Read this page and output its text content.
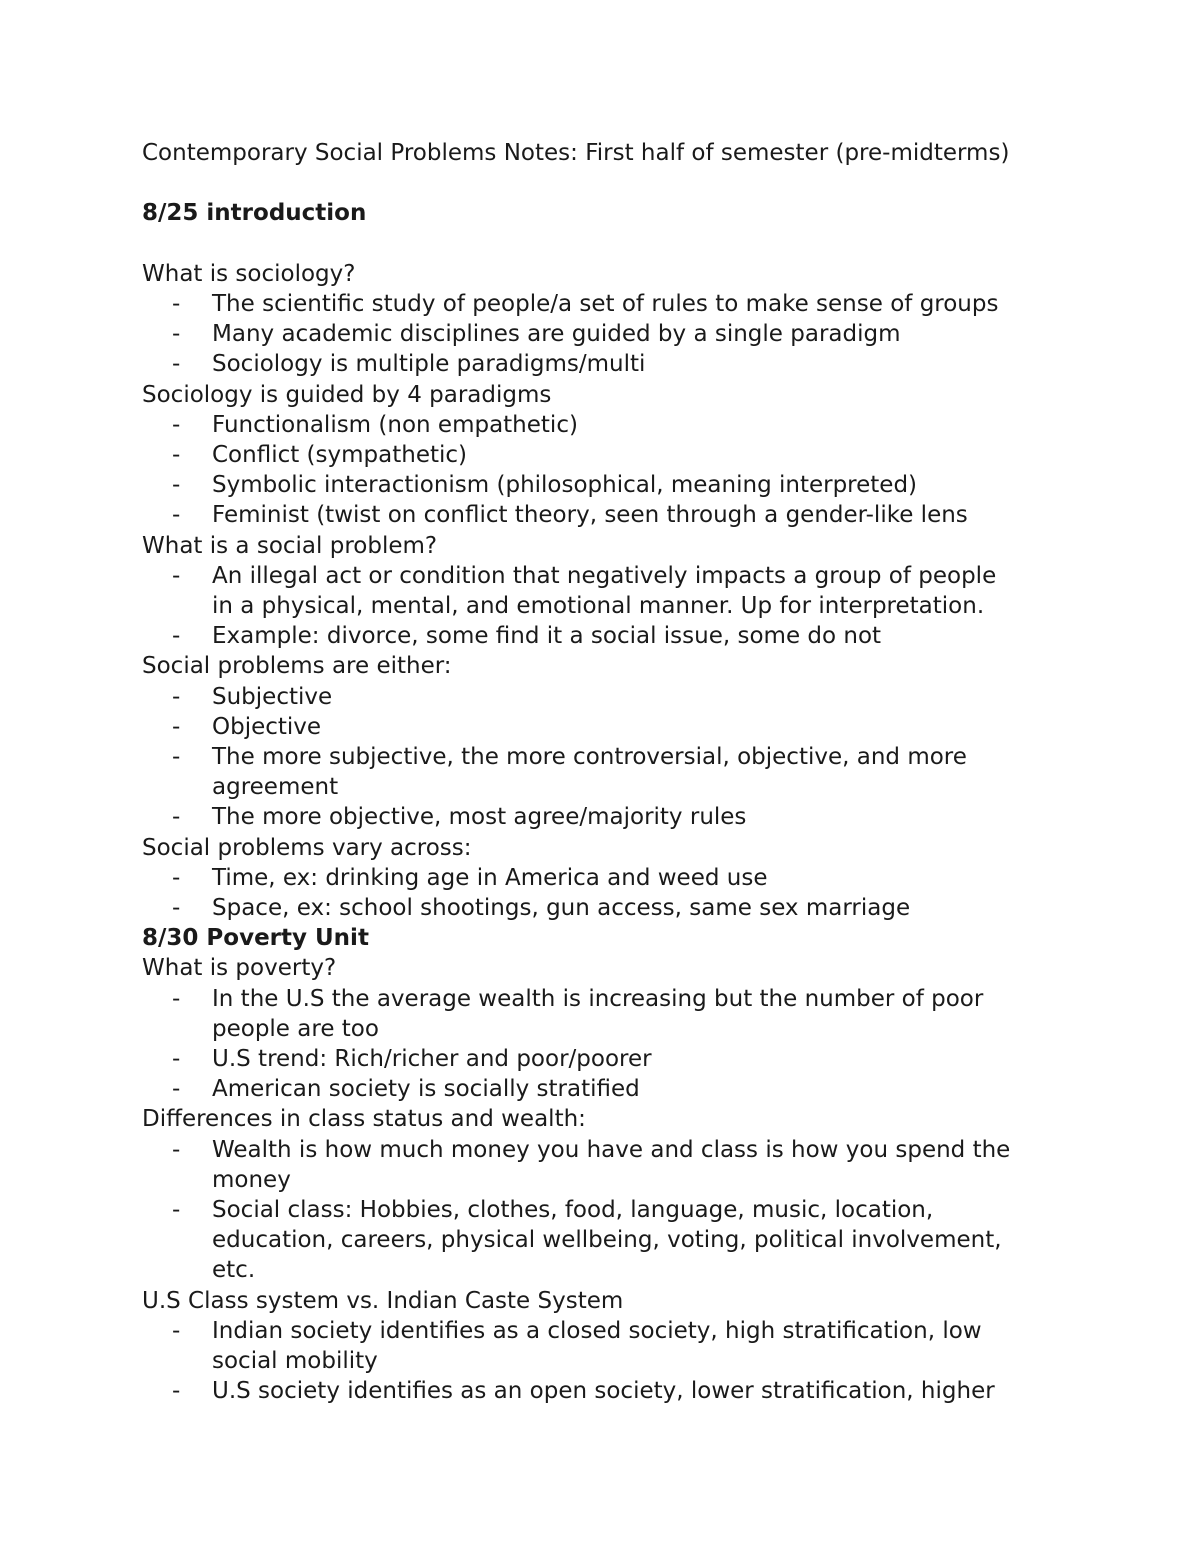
Contemporary Social Problems Notes: First half of semester (pre-midterms)

8/25 introduction

What is sociology?

- The scientific study of people/a set of rules to make sense of groups
- Many academic disciplines are guided by a single paradigm
- Sociology is multiple paradigms/multi

Sociology is guided by 4 paradigms

- Functionalism (non empathetic)
- Conflict (sympathetic)
- Symbolic interactionism (philosophical, meaning interpreted)
- Feminist (twist on conflict theory, seen through a gender-like lens

What is a social problem?

- An illegal act or condition that negatively impacts a group of people
in a physical, mental, and emotional manner. Up for interpretation.
- Example: divorce, some find it a social issue, some do not

Social problems are either:

- Subjective
- Objective
- The more subjective, the more controversial, objective, and more
agreement
- The more objective, most agree/majority rules

Social problems vary across:

- Time, ex: drinking age in America and weed use
- Space, ex: school shootings, gun access, same sex marriage

8/30 Poverty Unit

What is poverty?

- In the U.S the average wealth is increasing but the number of poor
people are too
- U.S trend: Rich/richer and poor/poorer
- American society is socially stratified

Differences in class status and wealth:

- Wealth is how much money you have and class is how you spend the
money
- Social class: Hobbies, clothes, food, language, music, location,
education, careers, physical wellbeing, voting, political involvement,
etc.

U.S Class system vs. Indian Caste System

- Indian society identifies as a closed society, high stratification, low
social mobility
- U.S society identifies as an open society, lower stratification, higher
